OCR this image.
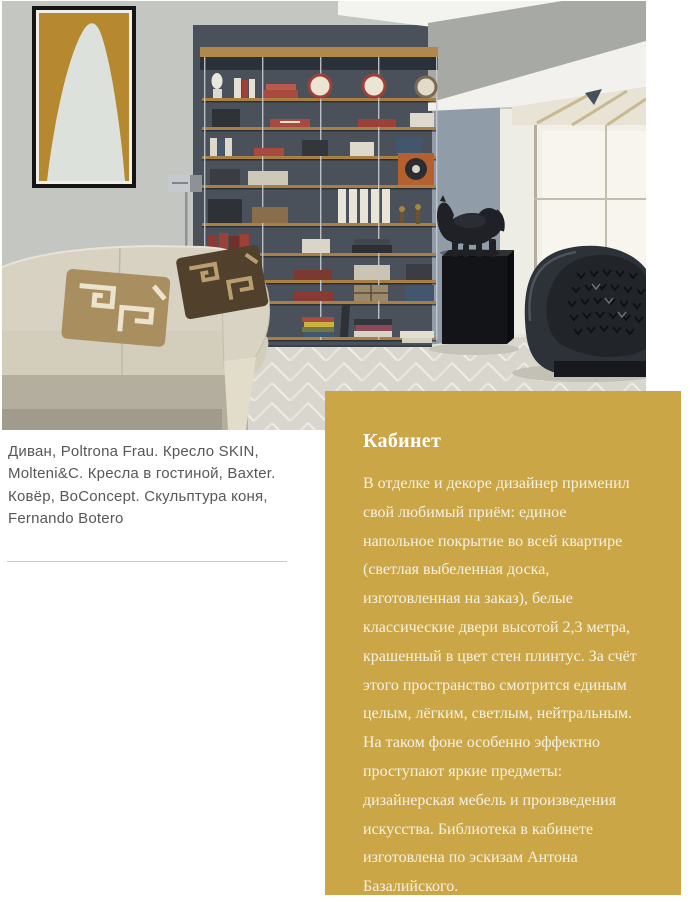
Диван, Poltrona Frau. Кресло SKIN, Molteni&C. Кресла в гостиной, Baxter. Ковёр, BoConcept. Скульптура коня, Fernando Botero

Кабинет

В отделке и декоре дизайнер применил свой любимый приём: единое напольное покрытие во всей квартире (светлая выбеленная доска, изготовленная на заказ), белые классические двери высотой 2,3 метра, крашенный в цвет стен плинтус. За счёт этого пространство смотрится единым целым, лёгким, светлым, нейтральным. На таком фоне особенно эффектно проступают яркие предметы: дизайнерская мебель и произведения искусства. Библиотека в кабинете изготовлена по эскизам Антона Базалийского.
